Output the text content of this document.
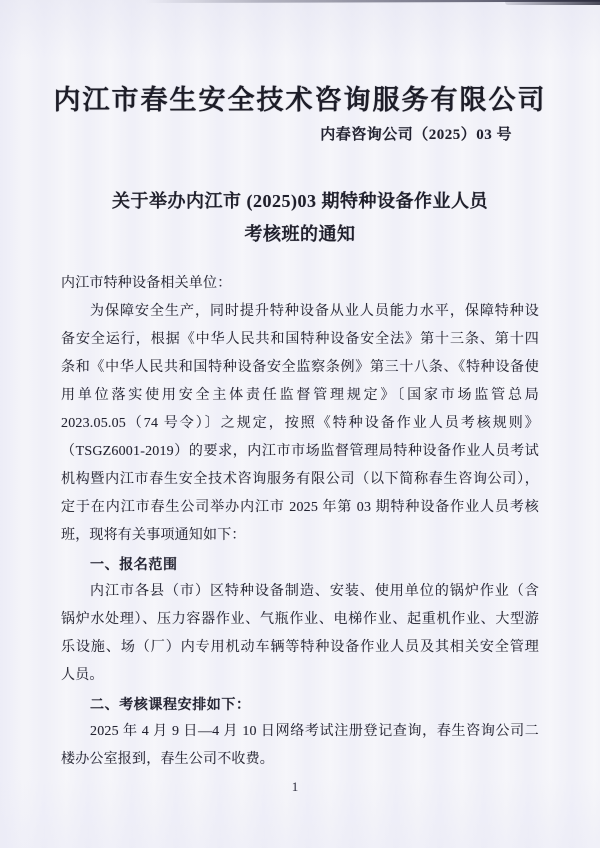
内江市春生安全技术咨询服务有限公司
内春咨询公司（2025）03 号
关于举办内江市 (2025)03 期特种设备作业人员
考核班的通知
内江市特种设备相关单位：
为保障安全生产，同时提升特种设备从业人员能力水平，保障特种设
备安全运行，根据《中华人民共和国特种设备安全法》第十三条、第十四
条和《中华人民共和国特种设备安全监察条例》第三十八条、《特种设备使
用单位落实使用安全主体责任监督管理规定》〔国家市场监管总局
2023.05.05（74 号令）〕之规定，按照《特种设备作业人员考核规则》
（TSGZ6001-2019）的要求，内江市市场监督管理局特种设备作业人员考试
机构暨内江市春生安全技术咨询服务有限公司（以下简称春生咨询公司），
定于在内江市春生公司举办内江市 2025 年第 03 期特种设备作业人员考核
班，现将有关事项通知如下：
一、报名范围
内江市各县（市）区特种设备制造、安装、使用单位的锅炉作业（含
锅炉水处理）、压力容器作业、气瓶作业、电梯作业、起重机作业、大型游
乐设施、场（厂）内专用机动车辆等特种设备作业人员及其相关安全管理
人员。
二、考核课程安排如下：
2025 年 4 月 9 日—4 月 10 日网络考试注册登记查询，春生咨询公司二
楼办公室报到，春生公司不收费。
1
